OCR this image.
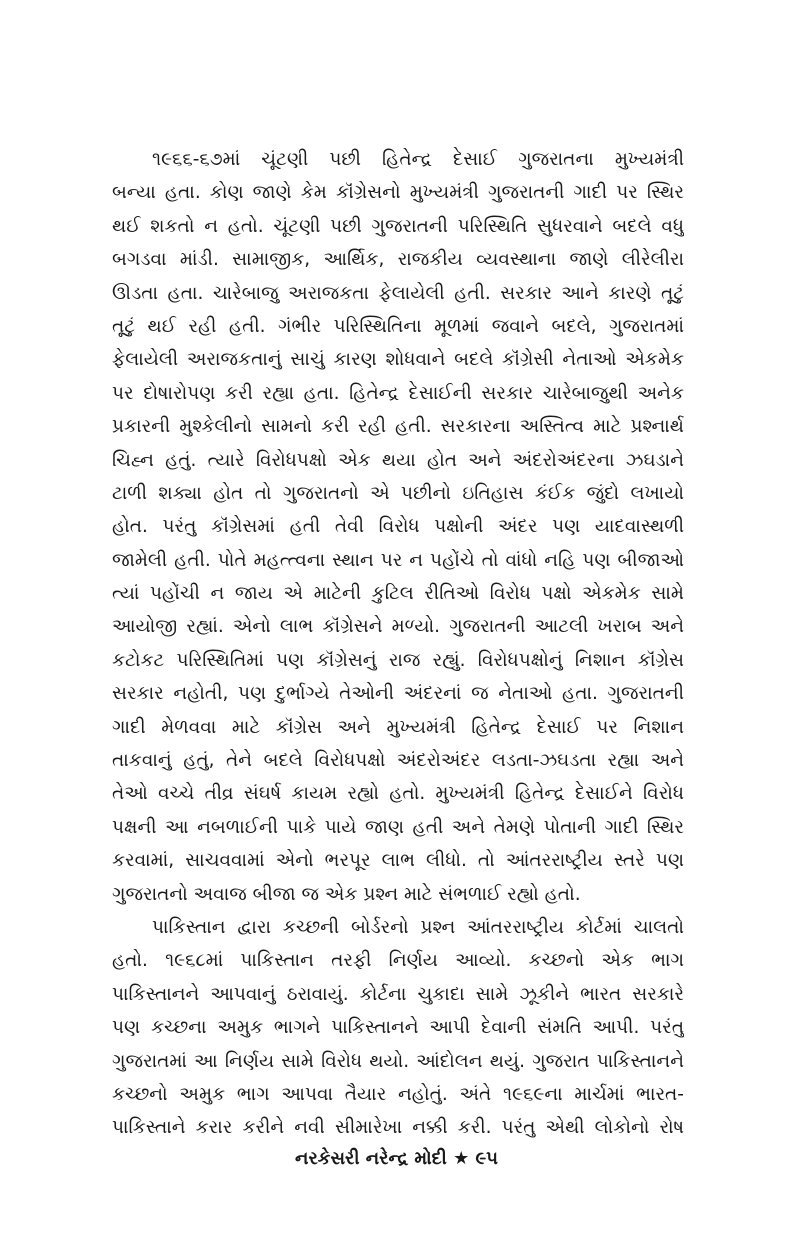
૧૯૬૬-૬૭માં ચૂંટણી પછી હિતેન્દ્ર દેસાઈ ગુજરાતના મુખ્યમંત્રી
બન્યા હતા. કોણ જાણે કેમ કૉંગ્રેસનો મુખ્યમંત્રી ગુજરાતની ગાદી પર સ્થિર
થઈ શકતો ન હતો. ચૂંટણી પછી ગુજરાતની પરિસ્થિતિ સુધરવાને બદલે વધુ
બગડવા માંડી. સામાજીક, આર્થિક, રાજકીય વ્યવસ્થાના જાણે લીરેલીરા
ઊડતા હતા. ચારેબાજુ અરાજકતા ફેલાયેલી હતી. સરકાર આને કારણે તૂટું
તૂટું થઈ રહી હતી. ગંભીર પરિસ્થિતિના મૂળમાં જવાને બદલે, ગુજરાતમાં
ફેલાયેલી અરાજકતાનું સાચું કારણ શોધવાને બદલે કૉંગ્રેસી નેતાઓ એકમેક
પર દોષારોપણ કરી રહ્યા હતા. હિતેન્દ્ર દેસાઈની સરકાર ચારેબાજુથી અનેક
પ્રકારની મુશ્કેલીનો સામનો કરી રહી હતી. સરકારના અસ્તિત્વ માટે પ્રશ્નાર્થ
ચિહ્ન હતું. ત્યારે વિરોધપક્ષો એક થયા હોત અને અંદરોઅંદરના ઝઘડાને
ટાળી શક્યા હોત તો ગુજરાતનો એ પછીનો ઇતિહાસ કંઈક જુંદો લખાયો
હોત. પરંતુ કૉંગ્રેસમાં હતી તેવી વિરોધ પક્ષોની અંદર પણ યાદવાસ્થળી
જામેલી હતી. પોતે મહત્ત્વના સ્થાન પર ન પહોંચે તો વાંધો નહિ પણ બીજાઓ
ત્યાં પહોંચી ન જાય એ માટેની કુટિલ રીતિઓ વિરોધ પક્ષો એકમેક સામે
આયોજી રહ્યાં. એનો લાભ કૉંગ્રેસને મળ્યો. ગુજરાતની આટલી ખરાબ અને
કટોકટ પરિસ્થિતિમાં પણ કૉંગ્રેસનું રાજ રહ્યું. વિરોધપક્ષોનું નિશાન કૉંગ્રેસ
સરકાર નહોતી, પણ દુર્ભાગ્યે તેઓની અંદરનાં જ નેતાઓ હતા. ગુજરાતની
ગાદી મેળવવા માટે કૉંગ્રેસ અને મુખ્યમંત્રી હિતેન્દ્ર દેસાઈ પર નિશાન
તાકવાનું હતું, તેને બદલે વિરોધપક્ષો અંદરોઅંદર લડતા-ઝઘડતા રહ્યા અને
તેઓ વચ્ચે તીવ્ર સંઘર્ષ કાયમ રહ્યો હતો. મુખ્યમંત્રી હિતેન્દ્ર દેસાઈને વિરોધ
પક્ષની આ નબળાઈની પાકે પાયે જાણ હતી અને તેમણે પોતાની ગાદી સ્થિર
કરવામાં, સાચવવામાં એનો ભરપૂર લાભ લીધો. તો આંતરરાષ્ટ્રીય સ્તરે પણ
ગુજરાતનો અવાજ બીજા જ એક પ્રશ્ન માટે સંભળાઈ રહ્યો હતો.
પાકિસ્તાન દ્વારા કચ્છની બોર્ડરનો પ્રશ્ન આંતરરાષ્ટ્રીય કોર્ટમાં ચાલતો
હતો. ૧૯૬૮માં પાકિસ્તાન તરફી નિર્ણય આવ્યો. કચ્છનો એક ભાગ
પાકિસ્તાનને આપવાનું ઠરાવાયું. કોર્ટના ચુકાદા સામે ઝૂકીને ભારત સરકારે
પણ કચ્છના અમુક ભાગને પાકિસ્તાનને આપી દેવાની સંમતિ આપી. પરંતુ
ગુજરાતમાં આ નિર્ણય સામે વિરોધ થયો. આંદોલન થયું. ગુજરાત પાકિસ્તાનને
કચ્છનો અમુક ભાગ આપવા તૈયાર નહોતું. અંતે ૧૯૬૯ના માર્ચમાં ભારત-
પાકિસ્તાને કરાર કરીને નવી સીમારેખા નક્કી કરી. પરંતુ એથી લોકોનો રોષ
નરકેસરી નરેન્દ્ર મોદી ★ ૯૫
